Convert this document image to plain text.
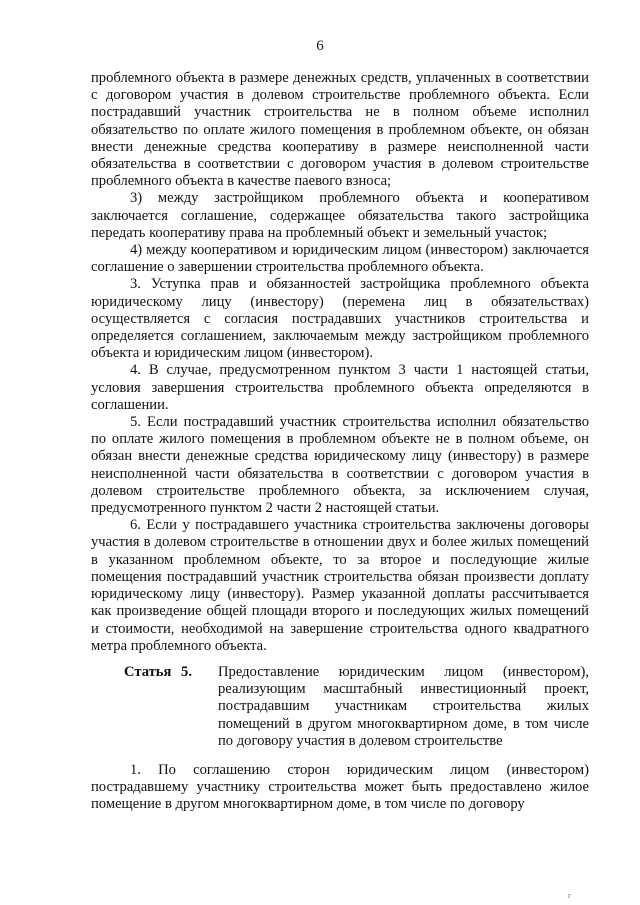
6

проблемного объекта в размере денежных средств, уплаченных в соответствии с договором участия в долевом строительстве проблемного объекта. Если пострадавший участник строительства не в полном объеме исполнил обязательство по оплате жилого помещения в проблемном объекте, он обязан внести денежные средства кооперативу в размере неисполненной части обязательства в соответствии с договором участия в долевом строительстве проблемного объекта в качестве паевого взноса;

3) между застройщиком проблемного объекта и кооперативом заключается соглашение, содержащее обязательства такого застройщика передать кооперативу права на проблемный объект и земельный участок;

4) между кооперативом и юридическим лицом (инвестором) заключается соглашение о завершении строительства проблемного объекта.

3. Уступка прав и обязанностей застройщика проблемного объекта юридическому лицу (инвестору) (перемена лиц в обязательствах) осуществляется с согласия пострадавших участников строительства и определяется соглашением, заключаемым между застройщиком проблемного объекта и юридическим лицом (инвестором).

4. В случае, предусмотренном пунктом 3 части 1 настоящей статьи, условия завершения строительства проблемного объекта определяются в соглашении.

5. Если пострадавший участник строительства исполнил обязательство по оплате жилого помещения в проблемном объекте не в полном объеме, он обязан внести денежные средства юридическому лицу (инвестору) в размере неисполненной части обязательства в соответствии с договором участия в долевом строительстве проблемного объекта, за исключением случая, предусмотренного пунктом 2 части 2 настоящей статьи.

6. Если у пострадавшего участника строительства заключены договоры участия в долевом строительстве в отношении двух и более жилых помещений в указанном проблемном объекте, то за второе и последующие жилые помещения пострадавший участник строительства обязан произвести доплату юридическому лицу (инвестору). Размер указанной доплаты рассчитывается как произведение общей площади второго и последующих жилых помещений и стоимости, необходимой на завершение строительства одного квадратного метра проблемного объекта.

Статья 5.	Предоставление юридическим лицом (инвестором), реализующим масштабный инвестиционный проект, пострадавшим участникам строительства жилых помещений в другом многоквартирном доме, в том числе по договору участия в долевом строительстве

1. По соглашению сторон юридическим лицом (инвестором) пострадавшему участнику строительства может быть предоставлено жилое помещение в другом многоквартирном доме, в том числе по договору

г
